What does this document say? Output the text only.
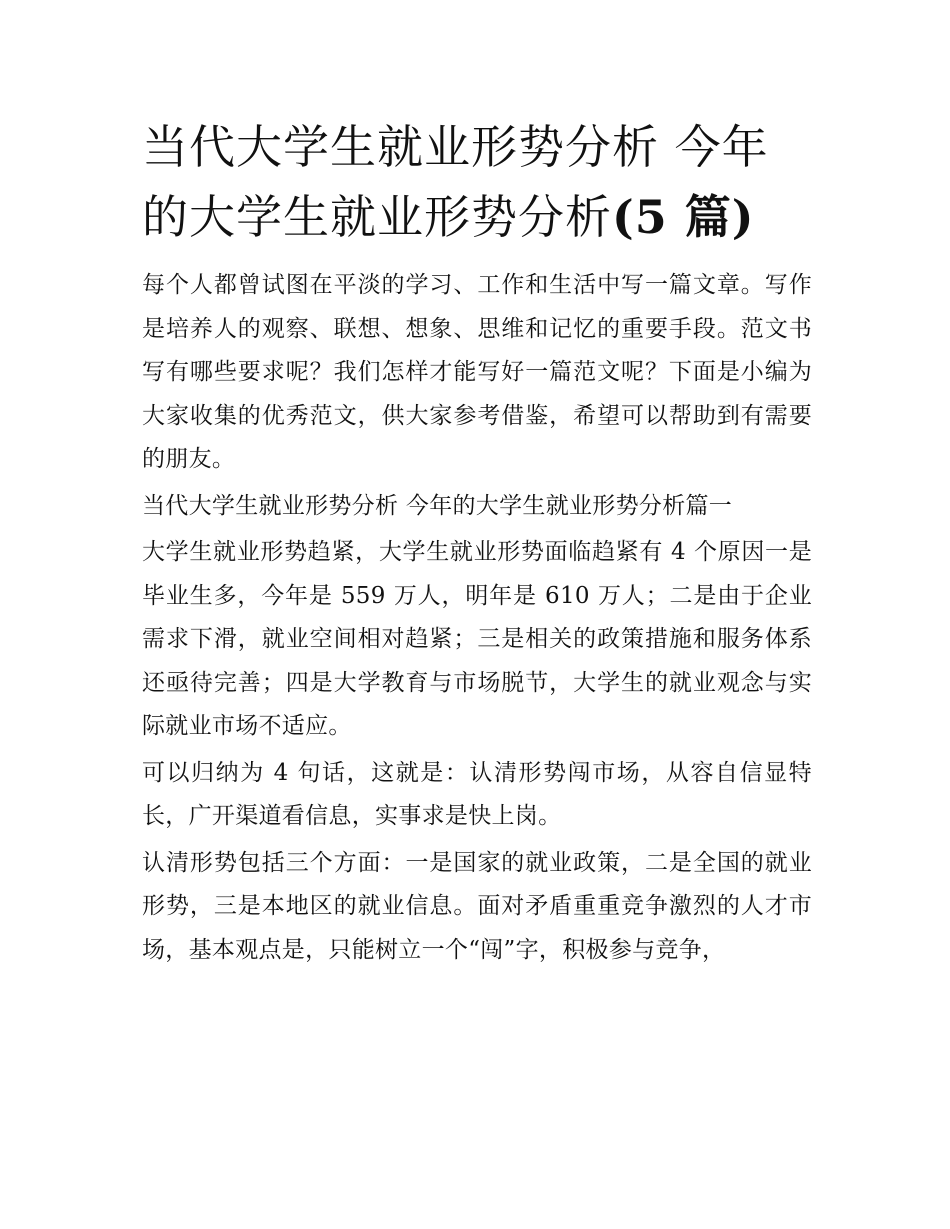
当代大学生就业形势分析 今年的大学生就业形势分析(5 篇)

每个人都曾试图在平淡的学习、工作和生活中写一篇文章。写作是培养人的观察、联想、想象、思维和记忆的重要手段。范文书写有哪些要求呢？我们怎样才能写好一篇范文呢？下面是小编为大家收集的优秀范文，供大家参考借鉴，希望可以帮助到有需要的朋友。

当代大学生就业形势分析 今年的大学生就业形势分析篇一

大学生就业形势趋紧，大学生就业形势面临趋紧有 4 个原因一是毕业生多，今年是 559 万人，明年是 610 万人；二是由于企业需求下滑，就业空间相对趋紧；三是相关的政策措施和服务体系还亟待完善；四是大学教育与市场脱节，大学生的就业观念与实际就业市场不适应。

可以归纳为 4 句话，这就是：认清形势闯市场，从容自信显特长，广开渠道看信息，实事求是快上岗。

认清形势包括三个方面：一是国家的就业政策，二是全国的就业形势，三是本地区的就业信息。面对矛盾重重竞争激烈的人才市场，基本观点是，只能树立一个“闯”字，积极参与竞争，
